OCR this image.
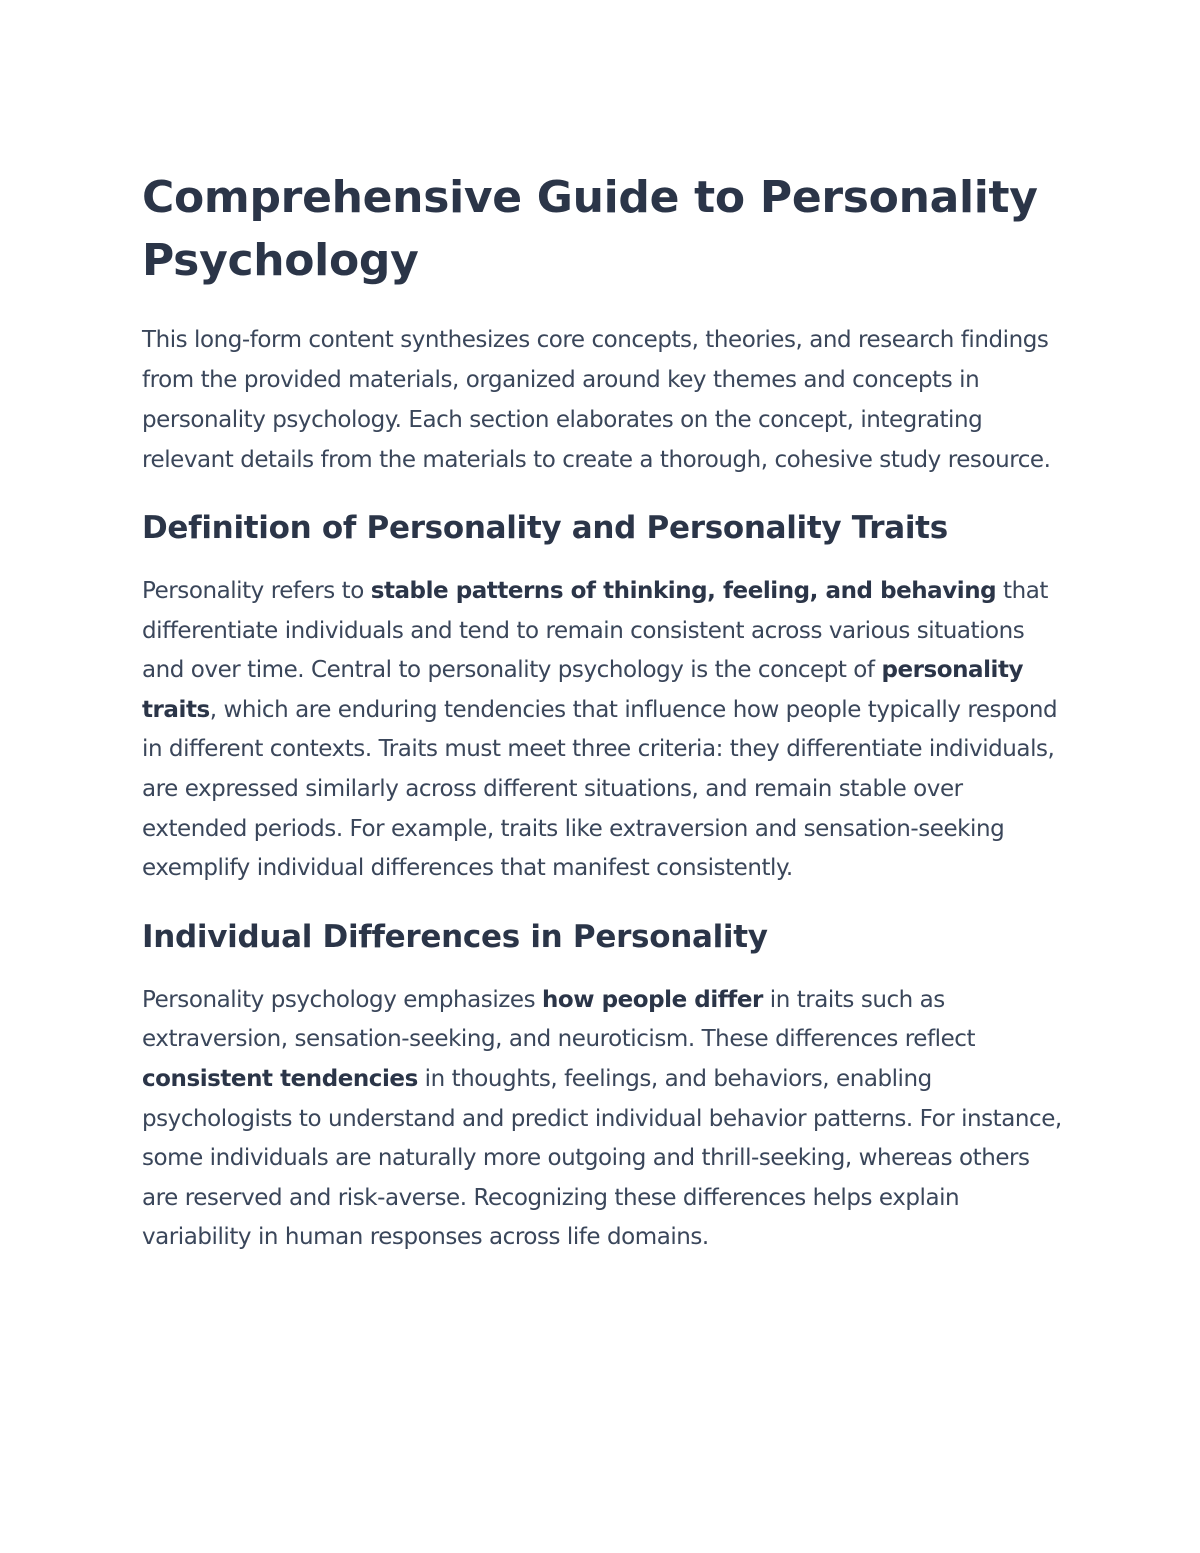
Comprehensive Guide to Personality Psychology

This long-form content synthesizes core concepts, theories, and research findings from the provided materials, organized around key themes and concepts in personality psychology. Each section elaborates on the concept, integrating relevant details from the materials to create a thorough, cohesive study resource.

Definition of Personality and Personality Traits

Personality refers to stable patterns of thinking, feeling, and behaving that differentiate individuals and tend to remain consistent across various situations and over time. Central to personality psychology is the concept of personality traits, which are enduring tendencies that influence how people typically respond in different contexts. Traits must meet three criteria: they differentiate individuals, are expressed similarly across different situations, and remain stable over extended periods. For example, traits like extraversion and sensation-seeking exemplify individual differences that manifest consistently.

Individual Differences in Personality

Personality psychology emphasizes how people differ in traits such as extraversion, sensation-seeking, and neuroticism. These differences reflect consistent tendencies in thoughts, feelings, and behaviors, enabling psychologists to understand and predict individual behavior patterns. For instance, some individuals are naturally more outgoing and thrill-seeking, whereas others are reserved and risk-averse. Recognizing these differences helps explain variability in human responses across life domains.
